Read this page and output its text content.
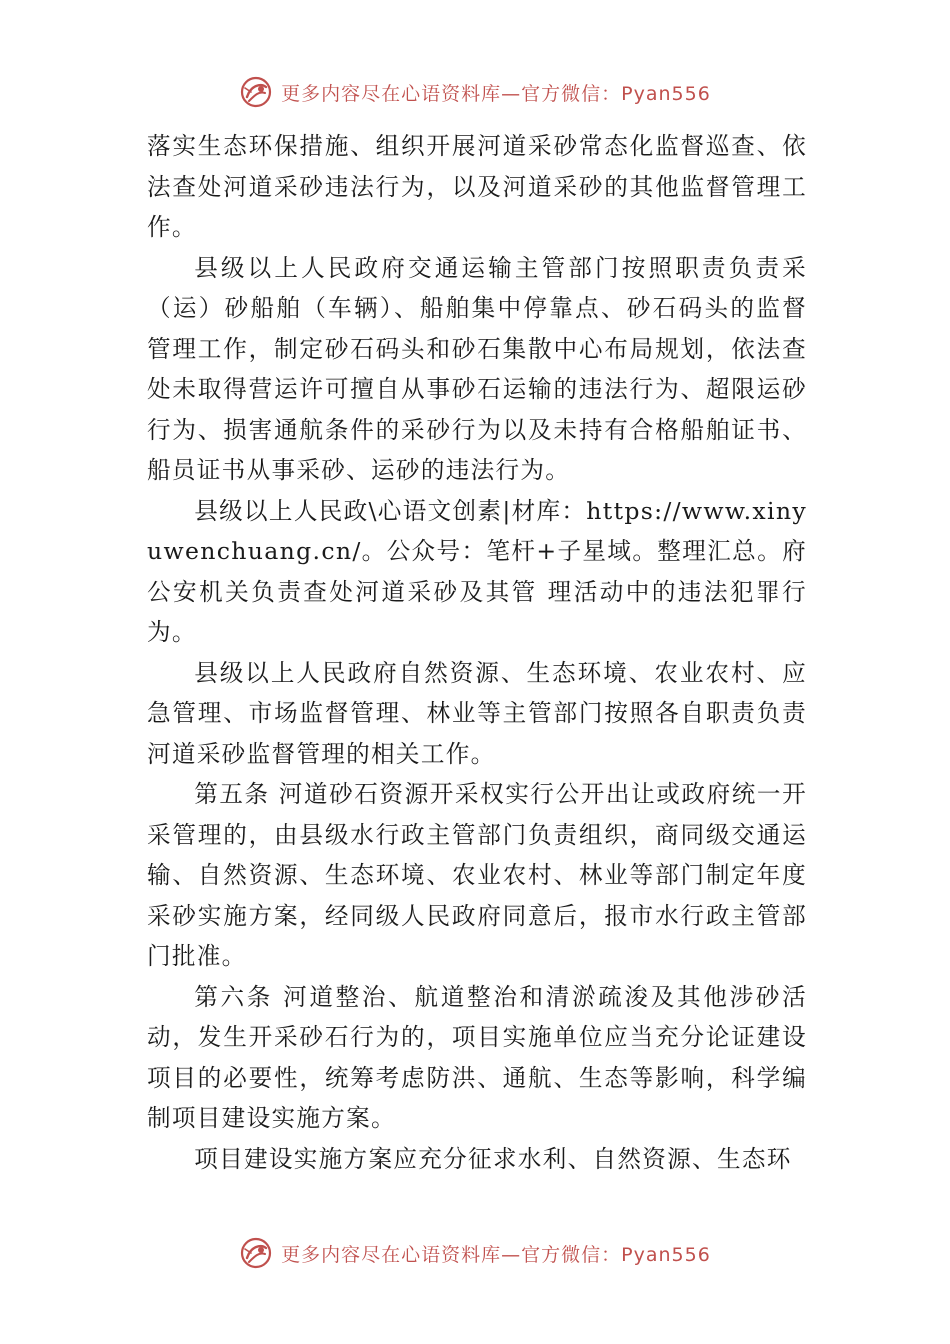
更多内容尽在心语资料库—官方微信：Pyan556

落实生态环保措施、组织开展河道采砂常态化监督巡查、依法查处河道采砂违法行为，以及河道采砂的其他监督管理工作。

县级以上人民政府交通运输主管部门按照职责负责采（运）砂船舶（车辆）、船舶集中停靠点、砂石码头的监督管理工作，制定砂石码头和砂石集散中心布局规划，依法查处未取得营运许可擅自从事砂石运输的违法行为、超限运砂行为、损害通航条件的采砂行为以及未持有合格船舶证书、船员证书从事采砂、运砂的违法行为。

县级以上人民政\心语文创素|材库：https://www.xinyuwenchuang.cn/。公众号：笔杆+子星域。整理汇总。府公安机关负责查处河道采砂及其管 理活动中的违法犯罪行为。

县级以上人民政府自然资源、生态环境、农业农村、应急管理、市场监督管理、林业等主管部门按照各自职责负责河道采砂监督管理的相关工作。

第五条 河道砂石资源开采权实行公开出让或政府统一开采管理的，由县级水行政主管部门负责组织，商同级交通运输、自然资源、生态环境、农业农村、林业等部门制定年度采砂实施方案，经同级人民政府同意后，报市水行政主管部门批准。

第六条 河道整治、航道整治和清淤疏浚及其他涉砂活动，发生开采砂石行为的，项目实施单位应当充分论证建设项目的必要性，统筹考虑防洪、通航、生态等影响，科学编制项目建设实施方案。

项目建设实施方案应充分征求水利、自然资源、生态环

更多内容尽在心语资料库—官方微信：Pyan556
